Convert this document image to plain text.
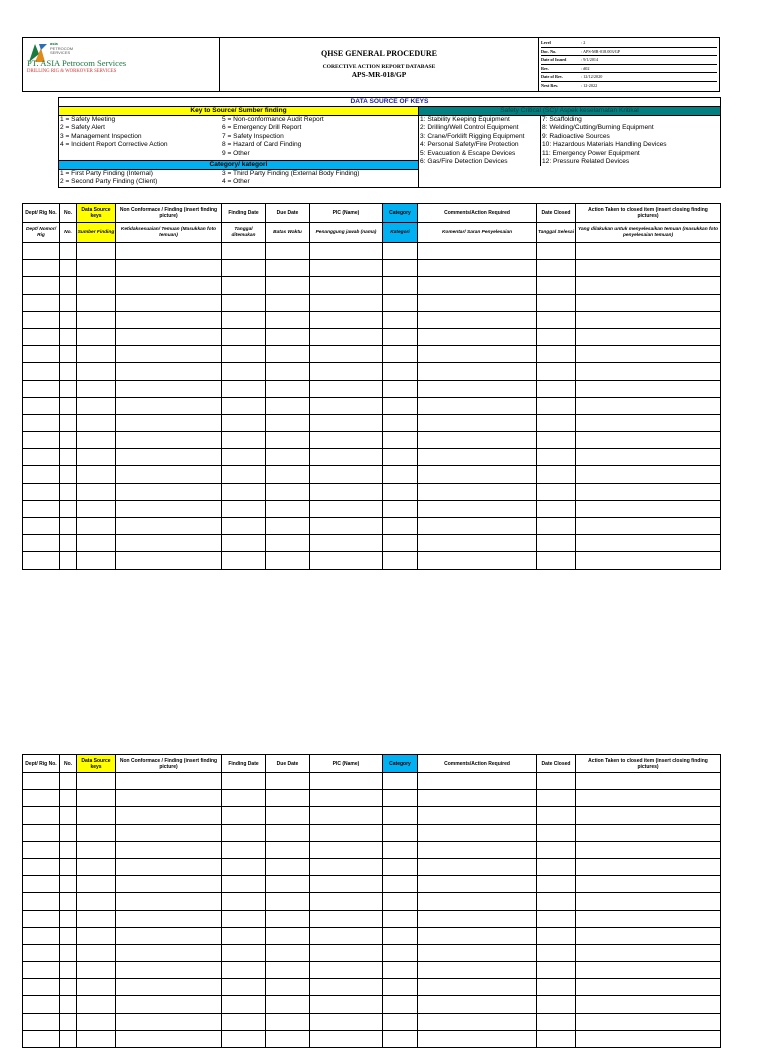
asia
PETROCOM
SERVICES
PT. ASIA Petrocom Services
DRILLING RIG & WORKOVER SERVICES

QHSE GENERAL PROCEDURE
CORECTIVE ACTION REPORT DATABASE
APS-MR-018/GP

Level	: 2
Doc. No.	: APS-MR-018.003/GP
Date of Issued	: 9/1/2014
Rev.	: #02
Date of Rev.	: 12/12/2020
Next Rev.	: 12-2022
DATA SOURCE OF KEYS
Key to Source/ Sumber finding
1 = Safety Meeting
2 = Safety Alert
3 = Management Inspection
4 = Incident Report Corrective Action
5 = Non-conformance Audit Report
6 = Emergency Drill Report
7 = Safety Inspection
8 = Hazard of Card Finding
9 = Other
Category/ kategori
1 = First Party Finding (Internal)
2 = Second Party Finding (Client)
3 = Third Party Finding (External Body Finding)
4 = Other
Safety Critical (SC)/ Aspek keselamatan Kritikal
1: Stability Keeping Equipment
2: Drilling/Well Control Equipment
3: Crane/Forklift Rigging Equipment
4: Personal Safety/Fire Protection
5: Evacuation & Escape Devices
6: Gas/Fire Detection Devices
7: Scaffolding
8: Welding/Cutting/Burning Equipment
9: Radioactive Sources
10: Hazardous Materials Handling Devices
11: Emergency Power Equipment
12: Pressure Related Devices
Dept/ Rig No.	No.	Data Source keys	Non Conformace / Finding (insert finding picture)	Finding Date	Due Date	PIC (Name)	Category	Comments/Action Required	Date Closed	Action Taken to closed item (insert closing finding pictures)
Dept/ Nomor/ Rig	No.	Sumber Finding	Ketidaksesuaian/ Temuan (Masukkan foto temuan)	Tanggal ditemukan	Batas Waktu	Penanggung jawab (nama)	Kategori	Komentar/ Saran Penyelesaian	Tanggal Selesai	Yang dilakukan untuk menyelesaikan temuan (masukkan foto penyelesaian temuan)

Dept/ Rig No.	No.	Data Source keys	Non Conformace / Finding (insert finding picture)	Finding Date	Due Date	PIC (Name)	Category	Comments/Action Required	Date Closed	Action Taken to closed item (insert closing finding pictures)
